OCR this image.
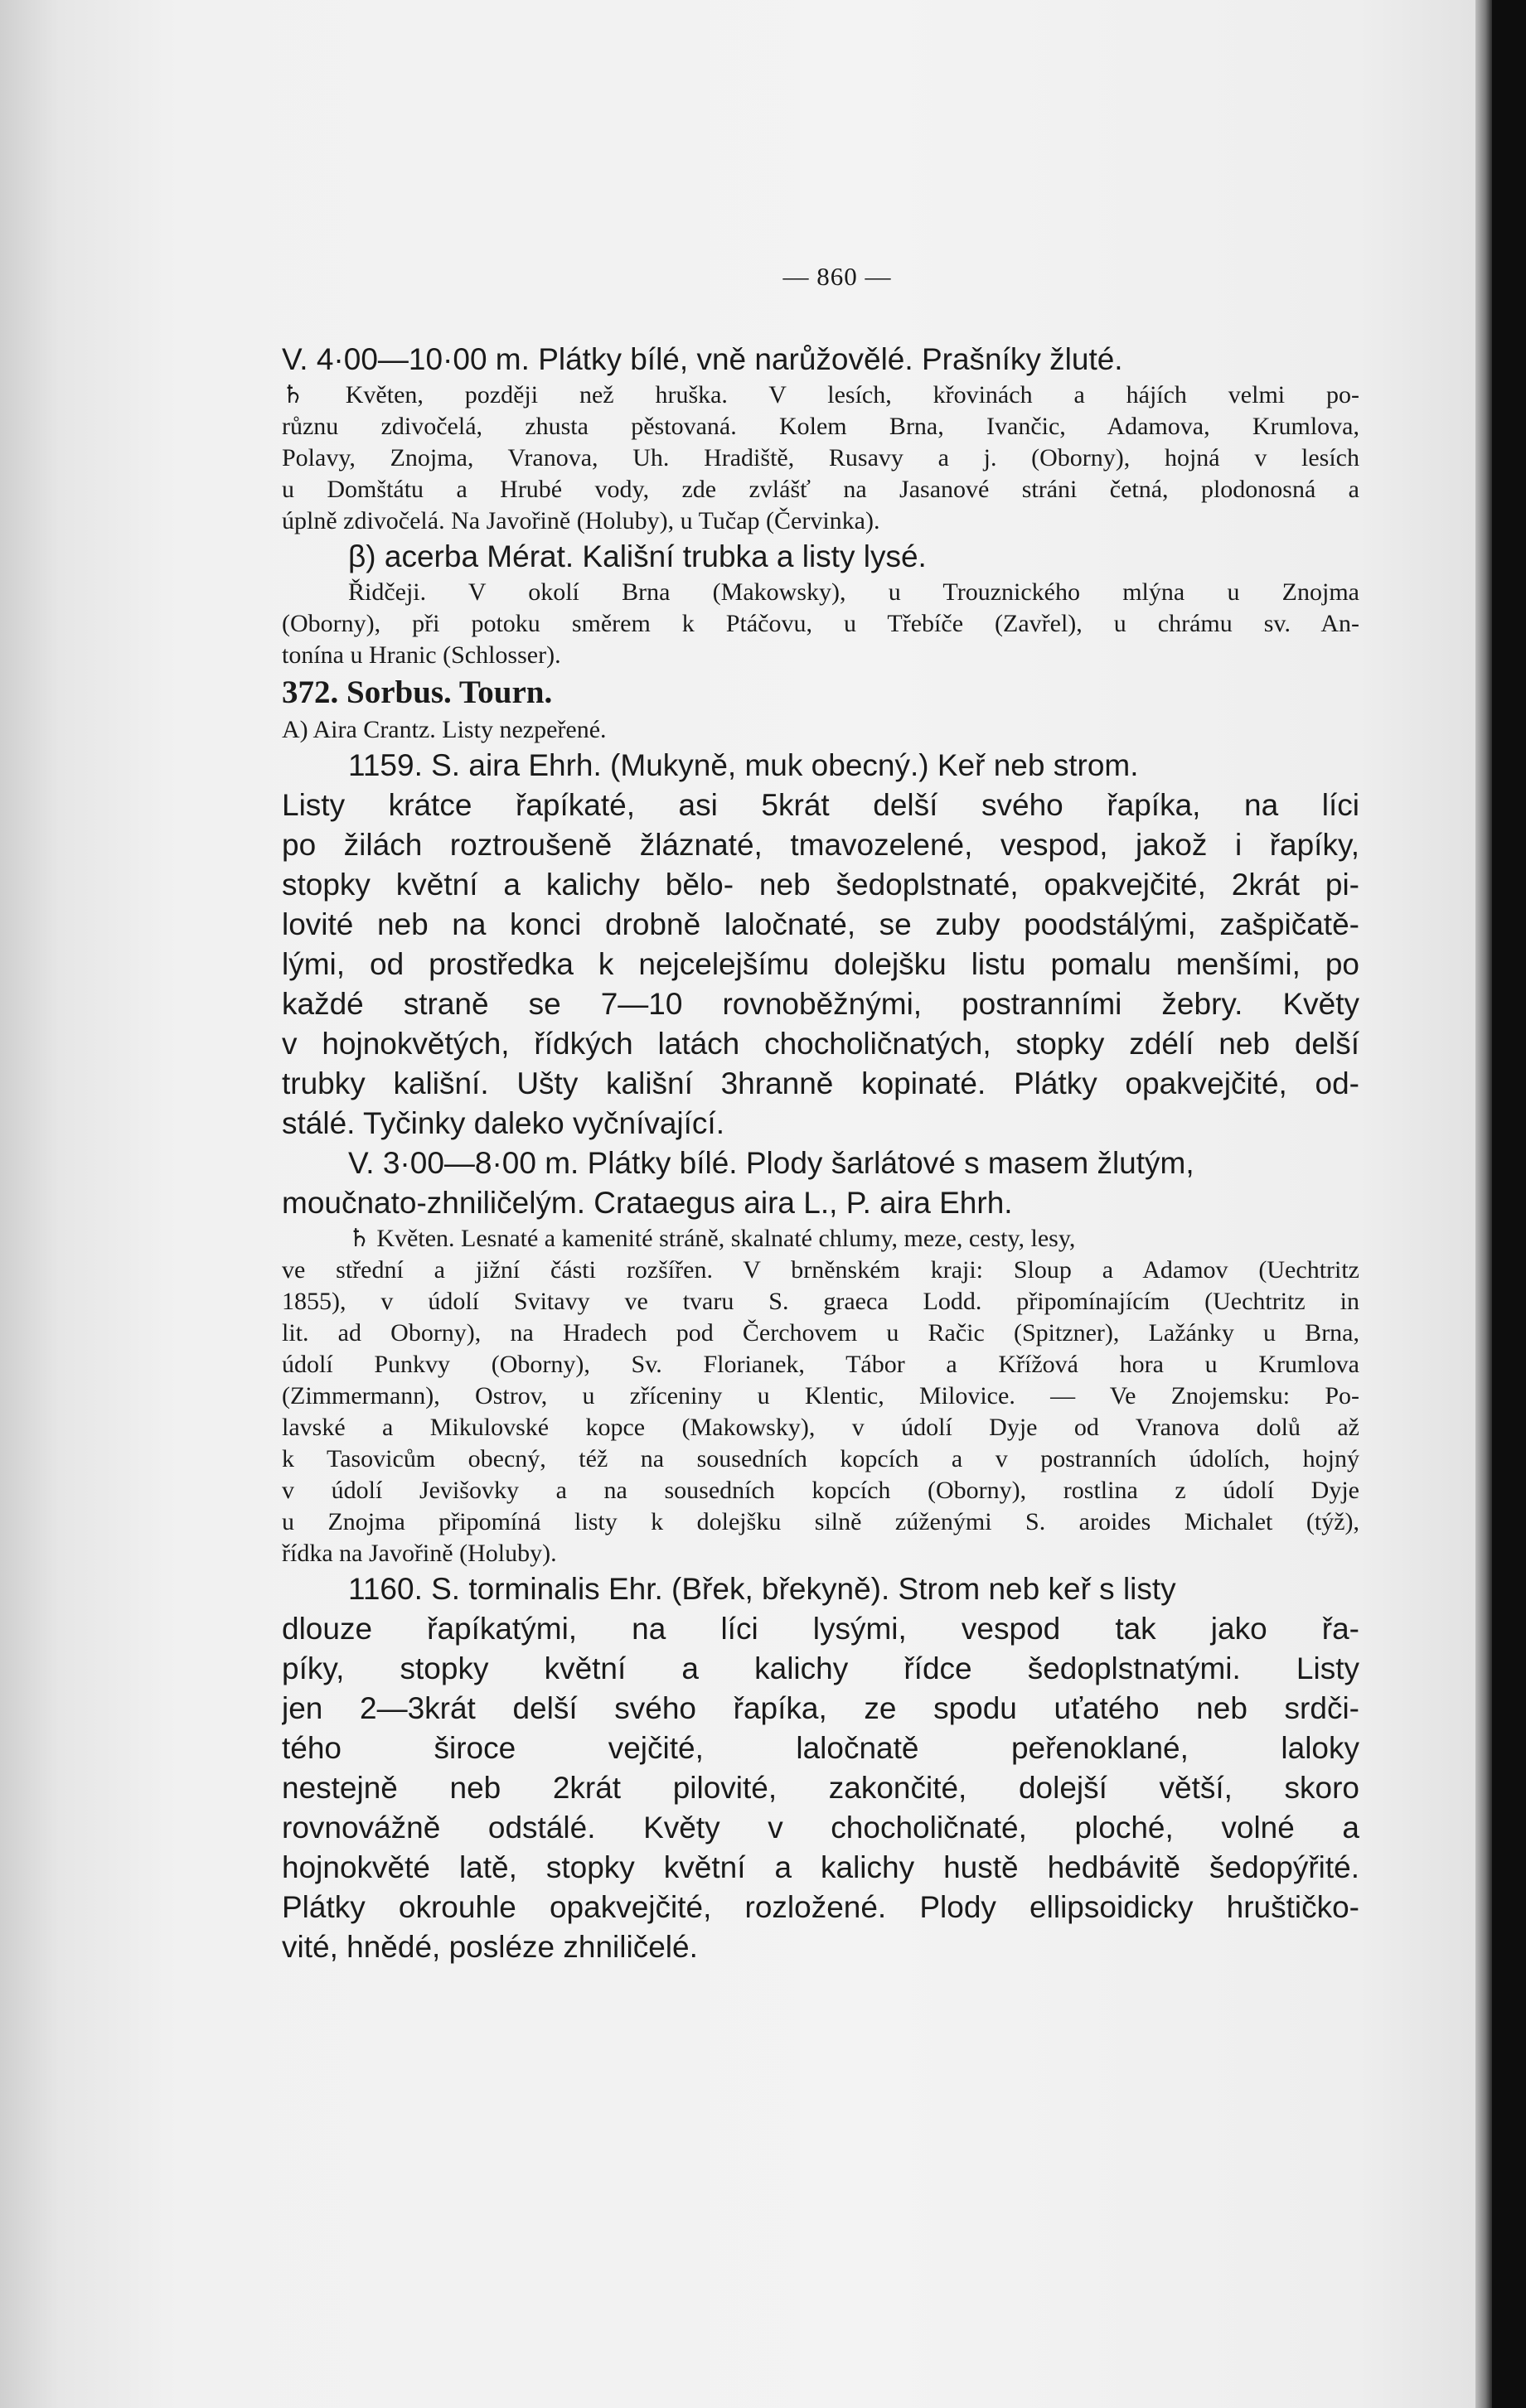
— 860 —
V. 4·00—10·00 m. Plátky bílé, vně narůžovělé. Prašníky žluté.
♄ Květen, později než hruška. V lesích, křovinách a hájích velmi po-
různu zdivočelá, zhusta pěstovaná. Kolem Brna, Ivančic, Adamova, Krumlova,
Polavy, Znojma, Vranova, Uh. Hradiště, Rusavy a j. (Oborny), hojná v lesích
u Domštátu a Hrubé vody, zde zvlášť na Jasanové stráni četná, plodonosná a
úplně zdivočelá. Na Javořině (Holuby), u Tučap (Červinka).
β) acerba Mérat. Kališní trubka a listy lysé.
Řidčeji. V okolí Brna (Makowsky), u Trouznického mlýna u Znojma
(Oborny), při potoku směrem k Ptáčovu, u Třebíče (Zavřel), u chrámu sv. An-
tonína u Hranic (Schlosser).
372. Sorbus. Tourn.
A) Aira Crantz. Listy nezpeřené.
1159. S. aira Ehrh. (Mukyně, muk obecný.) Keř neb strom.
Listy krátce řapíkaté, asi 5krát delší svého řapíka, na líci
po žilách roztroušeně žláznaté, tmavozelené, vespod, jakož i řapíky,
stopky květní a kalichy bělo- neb šedoplstnaté, opakvejčité, 2krát pi-
lovité neb na konci drobně laločnaté, se zuby poodstálými, zašpičatě-
lými, od prostředka k nejcelejšímu dolejšku listu pomalu menšími, po
každé straně se 7—10 rovnoběžnými, postranními žebry. Květy
v hojnokvětých, řídkých latách chocholičnatých, stopky zdélí neb delší
trubky kališní. Ušty kališní 3hranně kopinaté. Plátky opakvejčité, od-
stálé. Tyčinky daleko vyčnívající.
V. 3·00—8·00 m. Plátky bílé. Plody šarlátové s masem žlutým,
moučnato-zhniličelým. Crataegus aira L., P. aira Ehrh.
♄ Květen. Lesnaté a kamenité stráně, skalnaté chlumy, meze, cesty, lesy,
ve střední a jižní části rozšířen. V brněnském kraji: Sloup a Adamov (Uechtritz
1855), v údolí Svitavy ve tvaru S. graeca Lodd. připomínajícím (Uechtritz in
lit. ad Oborny), na Hradech pod Čerchovem u Račic (Spitzner), Lažánky u Brna,
údolí Punkvy (Oborny), Sv. Florianek, Tábor a Křížová hora u Krumlova
(Zimmermann), Ostrov, u zříceniny u Klentic, Milovice. — Ve Znojemsku: Po-
lavské a Mikulovské kopce (Makowsky), v údolí Dyje od Vranova dolů až
k Tasovicům obecný, též na sousedních kopcích a v postranních údolích, hojný
v údolí Jevišovky a na sousedních kopcích (Oborny), rostlina z údolí Dyje
u Znojma připomíná listy k dolejšku silně zúženými S. aroides Michalet (týž),
řídka na Javořině (Holuby).
1160. S. torminalis Ehr. (Břek, břekyně). Strom neb keř s listy
dlouze řapíkatými, na líci lysými, vespod tak jako řa-
píky, stopky květní a kalichy řídce šedoplstnatými. Listy
jen 2—3krát delší svého řapíka, ze spodu uťatého neb srdči-
tého široce vejčité, laločnatě peřenoklané, laloky
nestejně neb 2krát pilovité, zakončité, dolejší větší, skoro
rovnovážně odstálé. Květy v chocholičnaté, ploché, volné a
hojnokvěté latě, stopky květní a kalichy hustě hedbávitě šedopýřité.
Plátky okrouhle opakvejčité, rozložené. Plody ellipsoidicky hruštičko-
vité, hnědé, posléze zhniličelé.
